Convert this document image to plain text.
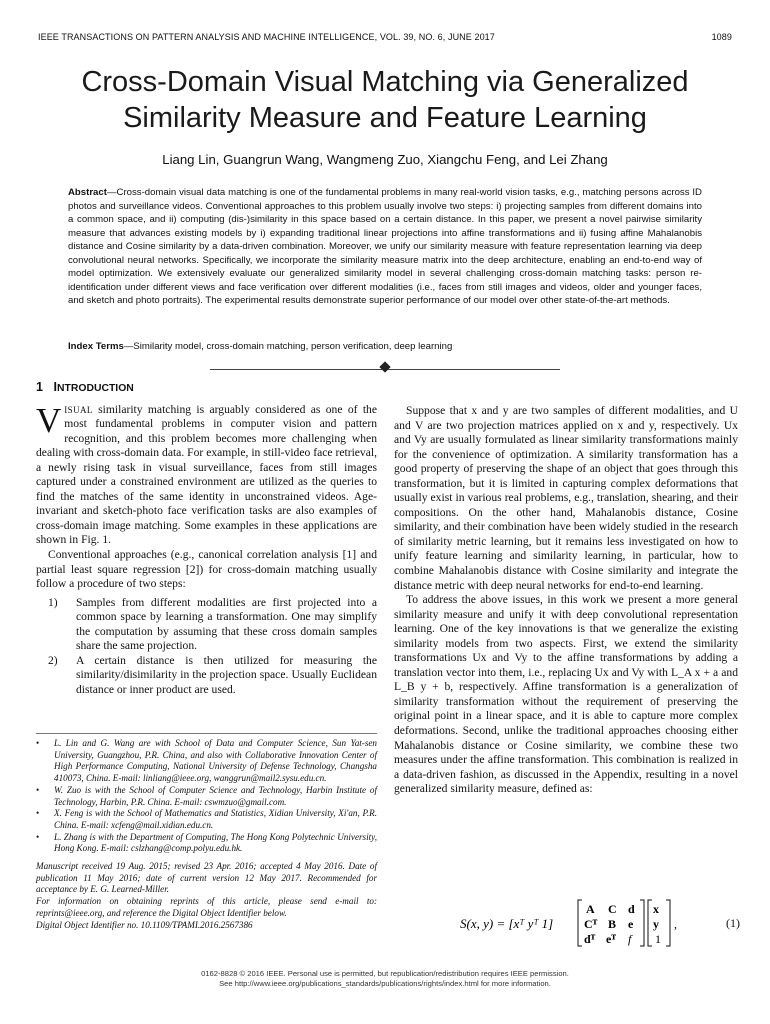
IEEE TRANSACTIONS ON PATTERN ANALYSIS AND MACHINE INTELLIGENCE, VOL. 39, NO. 6, JUNE 2017	1089
Cross-Domain Visual Matching via Generalized
Similarity Measure and Feature Learning
Liang Lin, Guangrun Wang, Wangmeng Zuo, Xiangchu Feng, and Lei Zhang
Abstract—Cross-domain visual data matching is one of the fundamental problems in many real-world vision tasks, e.g., matching persons across ID photos and surveillance videos. Conventional approaches to this problem usually involve two steps: i) projecting samples from different domains into a common space, and ii) computing (dis-)similarity in this space based on a certain distance. In this paper, we present a novel pairwise similarity measure that advances existing models by i) expanding traditional linear projections into affine transformations and ii) fusing affine Mahalanobis distance and Cosine similarity by a data-driven combination. Moreover, we unify our similarity measure with feature representation learning via deep convolutional neural networks. Specifically, we incorporate the similarity measure matrix into the deep architecture, enabling an end-to-end way of model optimization. We extensively evaluate our generalized similarity model in several challenging cross-domain matching tasks: person re-identification under different views and face verification over different modalities (i.e., faces from still images and videos, older and younger faces, and sketch and photo portraits). The experimental results demonstrate superior performance of our model over other state-of-the-art methods.
Index Terms—Similarity model, cross-domain matching, person verification, deep learning
1 INTRODUCTION

VISUAL similarity matching is arguably considered as one of the most fundamental problems in computer vision and pattern recognition, and this problem becomes more challenging when dealing with cross-domain data. For example, in still-video face retrieval, a newly rising task in visual surveillance, faces from still images captured under a constrained environment are utilized as the queries to find the matches of the same identity in unconstrained videos. Age-invariant and sketch-photo face verification tasks are also examples of cross-domain image matching. Some examples in these applications are shown in Fig. 1.

Conventional approaches (e.g., canonical correlation analysis [1] and partial least square regression [2]) for cross-domain matching usually follow a procedure of two steps:

1)	Samples from different modalities are first projected into a common space by learning a transformation. One may simplify the computation by assuming that these cross domain samples share the same projection.
2)	A certain distance is then utilized for measuring the similarity/disimilarity in the projection space. Usually Euclidean distance or inner product are used.
•	L. Lin and G. Wang are with School of Data and Computer Science, Sun Yat-sen University, Guangzhou, P.R. China, and also with Collaborative Innovation Center of High Performance Computing, National University of Defense Technology, Changsha 410073, China. E-mail: linliang@ieee.org, wanggrun@mail2.sysu.edu.cn.
•	W. Zuo is with the School of Computer Science and Technology, Harbin Institute of Technology, Harbin, P.R. China. E-mail: cswmzuo@gmail.com.
•	X. Feng is with the School of Mathematics and Statistics, Xidian University, Xi'an, P.R. China. E-mail: xcfeng@mail.xidian.edu.cn.
•	L. Zhang is with the Department of Computing, The Hong Kong Polytechnic University, Hong Kong. E-mail: cslzhang@comp.polyu.edu.hk.
Manuscript received 19 Aug. 2015; revised 23 Apr. 2016; accepted 4 May 2016. Date of publication 11 May 2016; date of current version 12 May 2017. Recommended for acceptance by E. G. Learned-Miller.
For information on obtaining reprints of this article, please send e-mail to: reprints@ieee.org, and reference the Digital Object Identifier below.
Digital Object Identifier no. 10.1109/TPAMI.2016.2567386

Suppose that x and y are two samples of different modalities, and U and V are two projection matrices applied on x and y, respectively. Ux and Vy are usually formulated as linear similarity transformations mainly for the convenience of optimization. A similarity transformation has a good property of preserving the shape of an object that goes through this transformation, but it is limited in capturing complex deformations that usually exist in various real problems, e.g., translation, shearing, and their compositions. On the other hand, Mahalanobis distance, Cosine similarity, and their combination have been widely studied in the research of similarity metric learning, but it remains less investigated on how to unify feature learning and similarity learning, in particular, how to combine Mahalanobis distance with Cosine similarity and integrate the distance metric with deep neural networks for end-to-end learning.

To address the above issues, in this work we present a more general similarity measure and unify it with deep convolutional representation learning. One of the key innovations is that we generalize the existing similarity models from two aspects. First, we extend the similarity transformations Ux and Vy to the affine transformations by adding a translation vector into them, i.e., replacing Ux and Vy with L_A x + a and L_B y + b, respectively. Affine transformation is a generalization of similarity transformation without the requirement of preserving the original point in a linear space, and it is able to capture more complex deformations. Second, unlike the traditional approaches choosing either Mahalanobis distance or Cosine similarity, we combine these two measures under the affine transformation. This combination is realized in a data-driven fashion, as discussed in the Appendix, resulting in a novel generalized similarity measure, defined as:

S(x, y) = [xᵀ yᵀ 1]
A C d
Cᵀ B e
dᵀ eᵀ f
x
y
1
,	(1)
0162-8828 © 2016 IEEE. Personal use is permitted, but republication/redistribution requires IEEE permission.
See http://www.ieee.org/publications_standards/publications/rights/index.html for more information.
